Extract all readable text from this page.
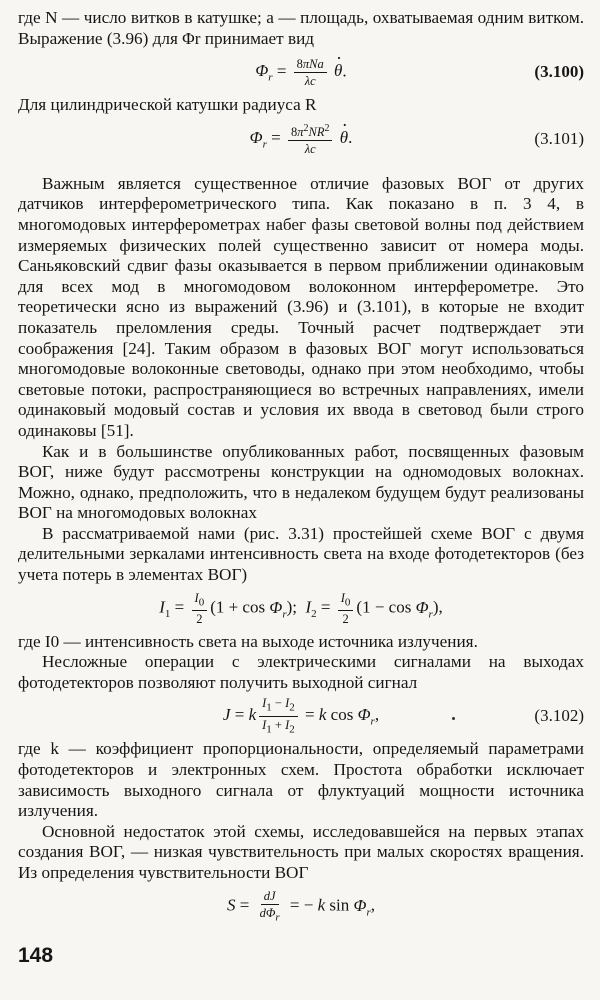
где N — число витков в катушке; a — площадь, охватываемая одним витком. Выражение (3.96) для Φr принимает вид

$\Phi_r = \frac{\text{8πNa}}{\lambda c}$
· θ.	(3.100)

Для цилиндрической катушки радиуса R

$\Phi_r = \frac{8\pi^2NR^2}{\lambda c}$
· θ.	(3.101)

Важным является существенное отличие фазовых ВОГ от других датчиков интерферометрического типа. Как показано в п. 3 4, в многомодовых интерферометрах набег фазы световой волны под действием измеряемых физических полей существенно зависит от номера моды. Саньяковский сдвиг фазы оказывается в первом приближении одинаковым для всех мод в многомодовом волоконном интерферометре. Это теоретически ясно из выражений (3.96) и (3.101), в которые не входит показатель преломления среды. Точный расчет подтверждает эти соображения [24]. Таким образом в фазовых ВОГ могут использоваться многомодовые волоконные световоды, однако при этом необходимо, чтобы световые потоки, распространяющиеся во встречных направлениях, имели одинаковый модовый состав и условия их ввода в световод были строго одинаковы [51].

Как и в большинстве опубликованных работ, посвященных фазовым ВОГ, ниже будут рассмотрены конструкции на одномодовых волокнах. Можно, однако, предположить, что в недалеком будущем будут реализованы ВОГ на многомодовых волокнах

В рассматриваемой нами (рис. 3.31) простейшей схеме ВОГ с двумя делительными зеркалами интенсивность света на входе фотодетекторов (без учета потерь в элементах ВОГ)

$I_1 = \frac{I_0}{2} (1 + \cos \Phi_r)$;  $I_2 = \frac{I_0}{2} (1 - \cos \Phi_r)$,

где I0 — интенсивность света на выходе источника излучения.

Несложные операции с электрическими сигналами на выходах фотодетекторов позволяют получить выходной сигнал

J = k $\frac{I_1 - I_2}{I_1 + I_2} = k$ $\cos \Phi_r$,	(3.102)

где k — коэффициент пропорциональности, определяемый параметрами фотодетекторов и электронных схем. Простота обработки исключает зависимость выходного сигнала от флуктуаций мощности источника излучения.

Основной недостаток этой схемы, исследовавшейся на первых этапах создания ВОГ, — низкая чувствительность при малых скоростях вращения. Из определения чувствительности ВОГ

$S = \frac{dJ}{d\Phi_r}$ = − k $\sin \Phi_r$,
148
